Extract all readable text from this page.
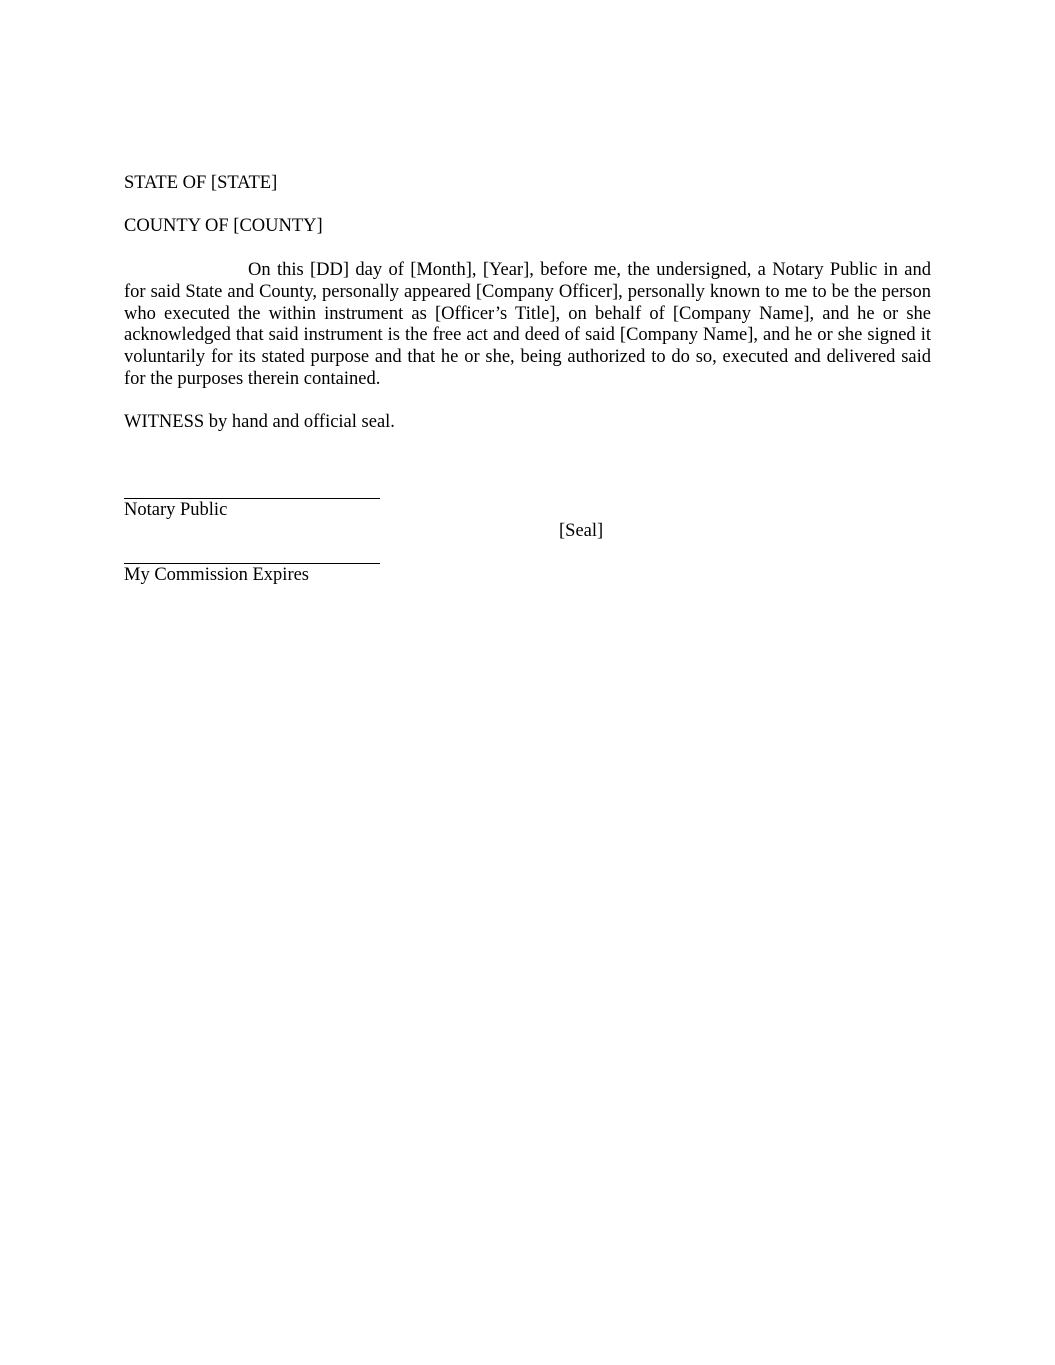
STATE OF [STATE]
COUNTY OF [COUNTY]

On this [DD] day of [Month], [Year], before me, the undersigned, a Notary Public in and for said State and County, personally appeared [Company Officer], personally known to me to be the person who executed the within instrument as [Officer’s Title], on behalf of [Company Name], and he or she acknowledged that said instrument is the free act and deed of said [Company Name], and he or she signed it voluntarily for its stated purpose and that he or she, being authorized to do so, executed and delivered said for the purposes therein contained.

WITNESS by hand and official seal.
Notary Public
[Seal]
My Commission Expires
